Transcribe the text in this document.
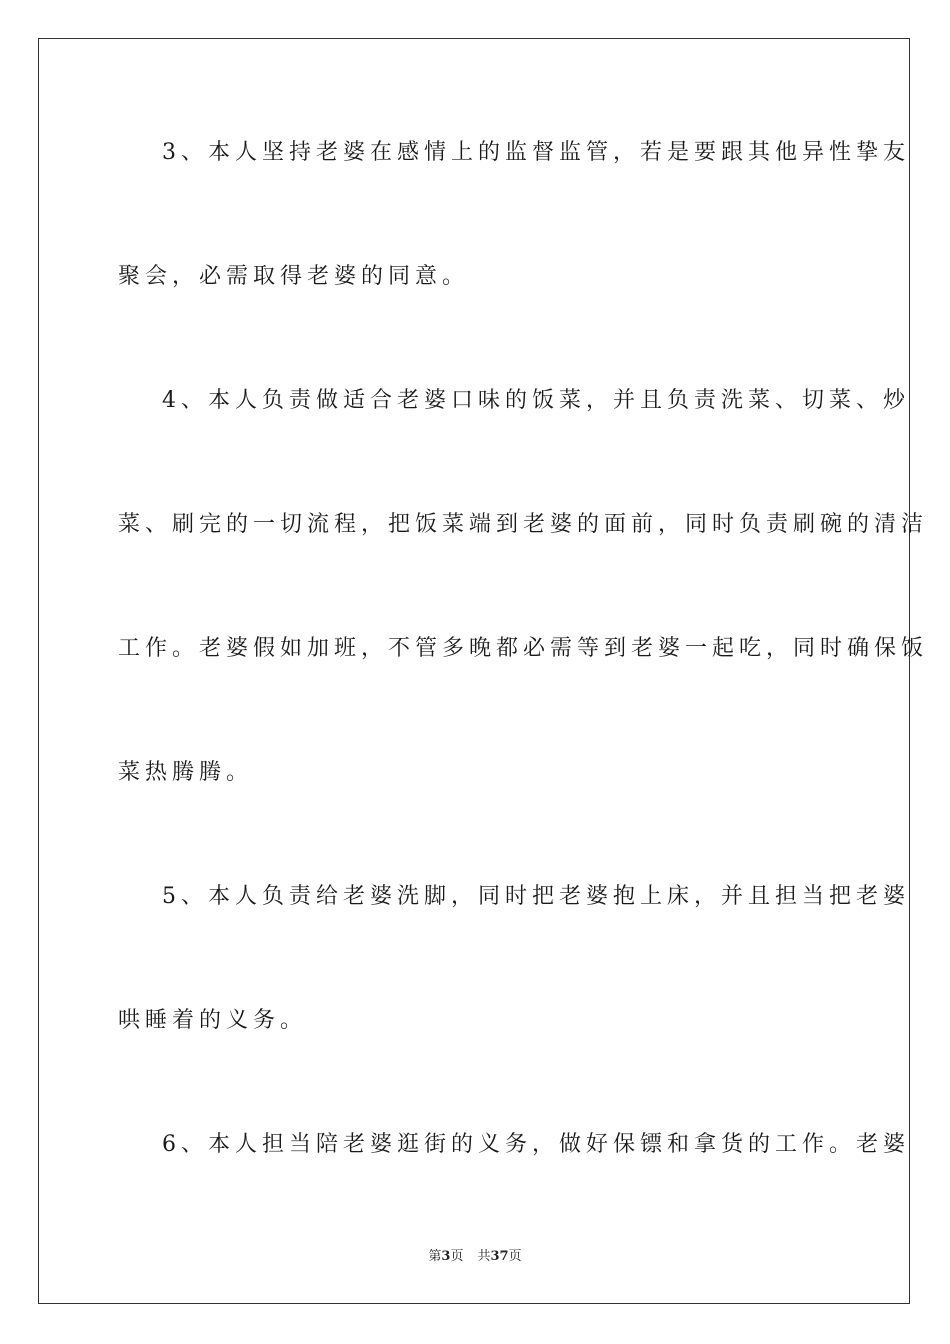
3、本人坚持老婆在感情上的监督监管，若是要跟其他异性挚友
聚会，必需取得老婆的同意。
4、本人负责做适合老婆口味的饭菜，并且负责洗菜、切菜、炒
菜、刷完的一切流程，把饭菜端到老婆的面前，同时负责刷碗的清洁
工作。老婆假如加班，不管多晚都必需等到老婆一起吃，同时确保饭
菜热腾腾。
5、本人负责给老婆洗脚，同时把老婆抱上床，并且担当把老婆
哄睡着的义务。
6、本人担当陪老婆逛街的义务，做好保镖和拿货的工作。老婆
第3页 共37页
